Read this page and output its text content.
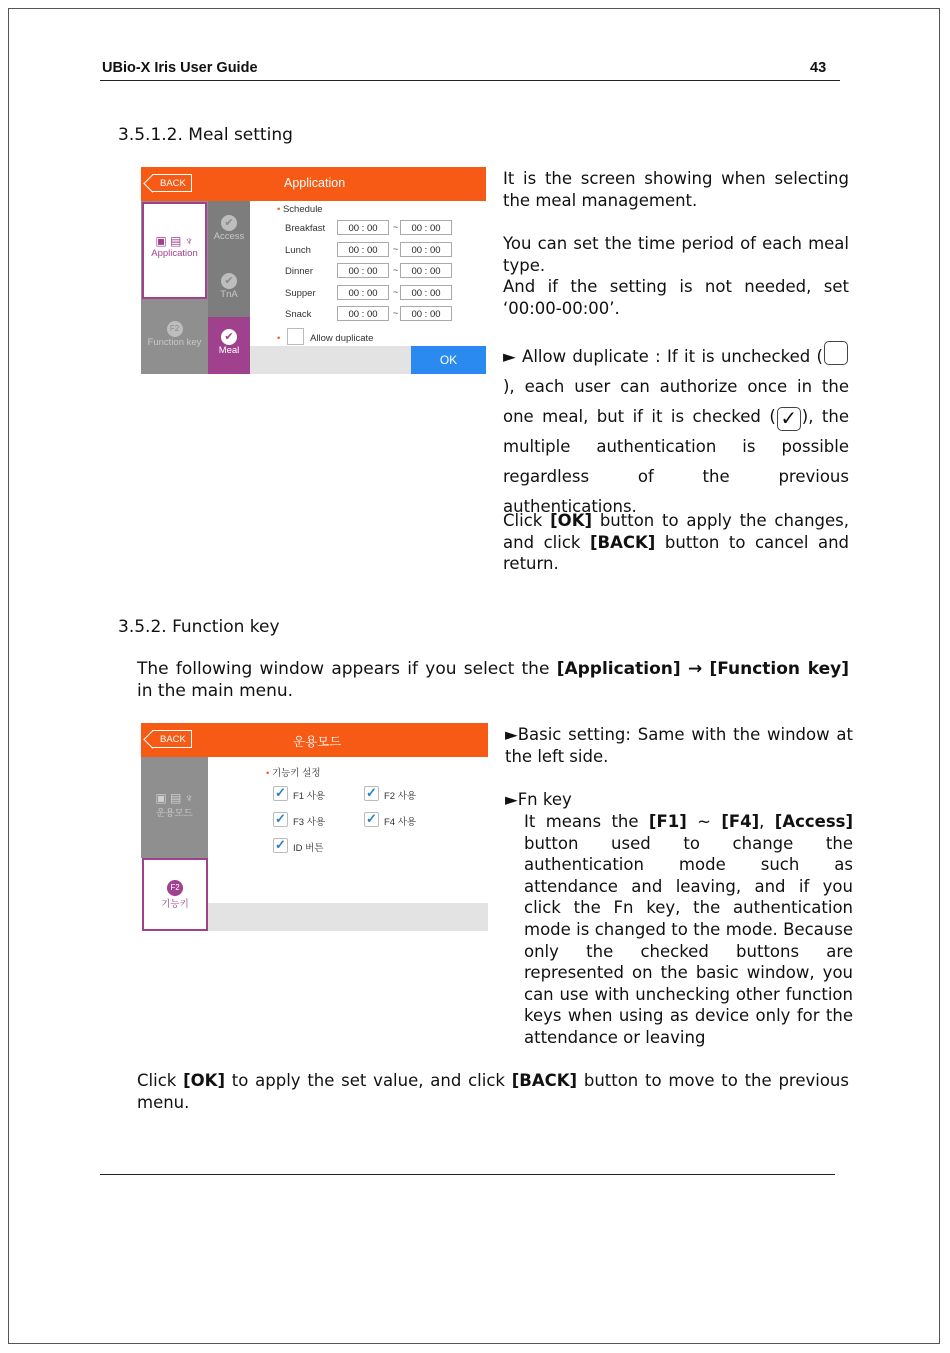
UBio-X Iris User Guide	43
3.5.1.2. Meal setting
BACK	Application
▣ ▤ ♆
Application
F2
Function key
✔
Access
✔
TnA
✔
Meal
• Schedule
Breakfast	00 : 00	~	00 : 00
Lunch	00 : 00	~	00 : 00
Dinner	00 : 00	~	00 : 00
Supper	00 : 00	~	00 : 00
Snack	00 : 00	~	00 : 00
•	Allow duplicate
OK
It is the screen showing when selecting the meal management.
You can set the time period of each meal type.
And if the setting is not needed, set ‘00:00-00:00’.
► Allow duplicate : If it is unchecked (), each user can authorize once in the one meal, but if it is checked ( ✓ ), the multiple authentication is possible regardless of the previous authentications.
Click [OK] button to apply the changes, and click [BACK] button to cancel and return.
3.5.2. Function key
The following window appears if you select the [Application] → [Function key] in the main menu.
BACK	운용모드
▣ ▤ ♆
운용모드
F2
기능키
• 기능키 설정
✓ F1 사용	✓ F2 사용
✓ F3 사용	✓ F4 사용
✓ ID 버튼
►Basic setting: Same with the window at the left side.
►Fn key
It means the [F1] ~ [F4], [Access] button used to change the authentication mode such as attendance and leaving, and if you click the Fn key, the authentication mode is changed to the mode. Because only the checked buttons are represented on the basic window, you can use with unchecking other function keys when using as device only for the attendance or leaving
Click [OK] to apply the set value, and click [BACK] button to move to the previous menu.
